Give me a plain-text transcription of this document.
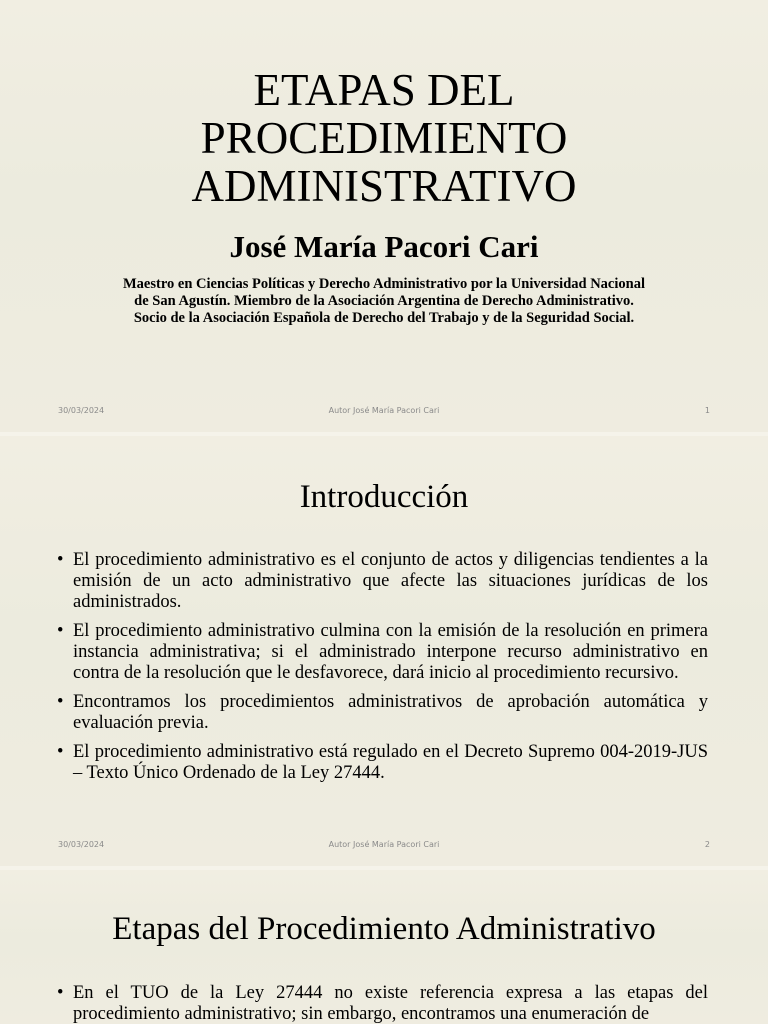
ETAPAS DEL
PROCEDIMIENTO
ADMINISTRATIVO
José María Pacori Cari
Maestro en Ciencias Políticas y Derecho Administrativo por la Universidad Nacional
de San Agustín. Miembro de la Asociación Argentina de Derecho Administrativo.
Socio de la Asociación Española de Derecho del Trabajo y de la Seguridad Social.
Autor José María Pacori Cari
30/03/2024	1
Introducción
• El procedimiento administrativo es el conjunto de actos y diligencias tendientes a la emisión de un acto administrativo que afecte las situaciones jurídicas de los administrados.
• El procedimiento administrativo culmina con la emisión de la resolución en primera instancia administrativa; si el administrado interpone recurso administrativo en contra de la resolución que le desfavorece, dará inicio al procedimiento recursivo.
• Encontramos los procedimientos administrativos de aprobación automática y evaluación previa.
• El procedimiento administrativo está regulado en el Decreto Supremo 004-2019-JUS – Texto Único Ordenado de la Ley 27444.
Autor José María Pacori Cari
30/03/2024	2
Etapas del Procedimiento Administrativo
• En el TUO de la Ley 27444 no existe referencia expresa a las etapas del procedimiento administrativo; sin embargo, encontramos una enumeración de
